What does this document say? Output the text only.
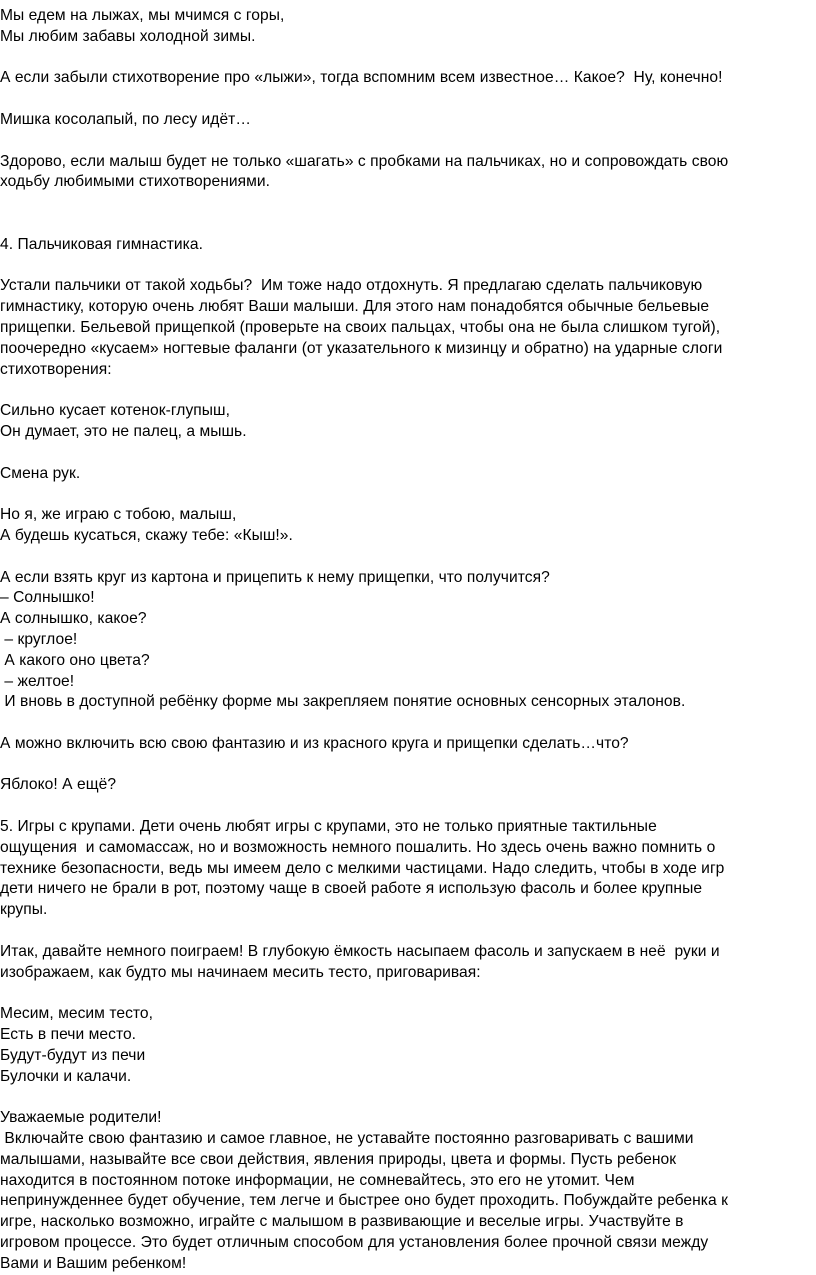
Мы едем на лыжах, мы мчимся с горы,
Мы любим забавы холодной зимы.
А если забыли стихотворение про «лыжи», тогда вспомним всем известное… Какое?  Ну, конечно!
Мишка косолапый, по лесу идёт…
Здорово, если малыш будет не только «шагать» с пробками на пальчиках, но и сопровождать свою
ходьбу любимыми стихотворениями.
4. Пальчиковая гимнастика.
Устали пальчики от такой ходьбы?  Им тоже надо отдохнуть. Я предлагаю сделать пальчиковую
гимнастику, которую очень любят Ваши малыши. Для этого нам понадобятся обычные бельевые
прищепки. Бельевой прищепкой (проверьте на своих пальцах, чтобы она не была слишком тугой),
поочередно «кусаем» ногтевые фаланги (от указательного к мизинцу и обратно) на ударные слоги
стихотворения:
Сильно кусает котенок-глупыш,
Он думает, это не палец, а мышь.
Смена рук.
Но я, же играю с тобою, малыш,
А будешь кусаться, скажу тебе: «Кыш!».
А если взять круг из картона и прицепить к нему прищепки, что получится?
– Солнышко!
А солнышко, какое?
– круглое!
А какого оно цвета?
– желтое!
И вновь в доступной ребёнку форме мы закрепляем понятие основных сенсорных эталонов.
А можно включить всю свою фантазию и из красного круга и прищепки сделать…что?
Яблоко! А ещё?
5. Игры с крупами. Дети очень любят игры с крупами, это не только приятные тактильные
ощущения  и самомассаж, но и возможность немного пошалить. Но здесь очень важно помнить о
технике безопасности, ведь мы имеем дело с мелкими частицами. Надо следить, чтобы в ходе игр
дети ничего не брали в рот, поэтому чаще в своей работе я использую фасоль и более крупные
крупы.
Итак, давайте немного поиграем! В глубокую ёмкость насыпаем фасоль и запускаем в неё  руки и
изображаем, как будто мы начинаем месить тесто, приговаривая:
Месим, месим тесто,
Есть в печи место.
Будут-будут из печи
Булочки и калачи.
Уважаемые родители!
Включайте свою фантазию и самое главное, не уставайте постоянно разговаривать с вашими
малышами, называйте все свои действия, явления природы, цвета и формы. Пусть ребенок
находится в постоянном потоке информации, не сомневайтесь, это его не утомит. Чем
непринужденнее будет обучение, тем легче и быстрее оно будет проходить. Побуждайте ребенка к
игре, насколько возможно, играйте с малышом в развивающие и веселые игры. Участвуйте в
игровом процессе. Это будет отличным способом для установления более прочной связи между
Вами и Вашим ребенком!
